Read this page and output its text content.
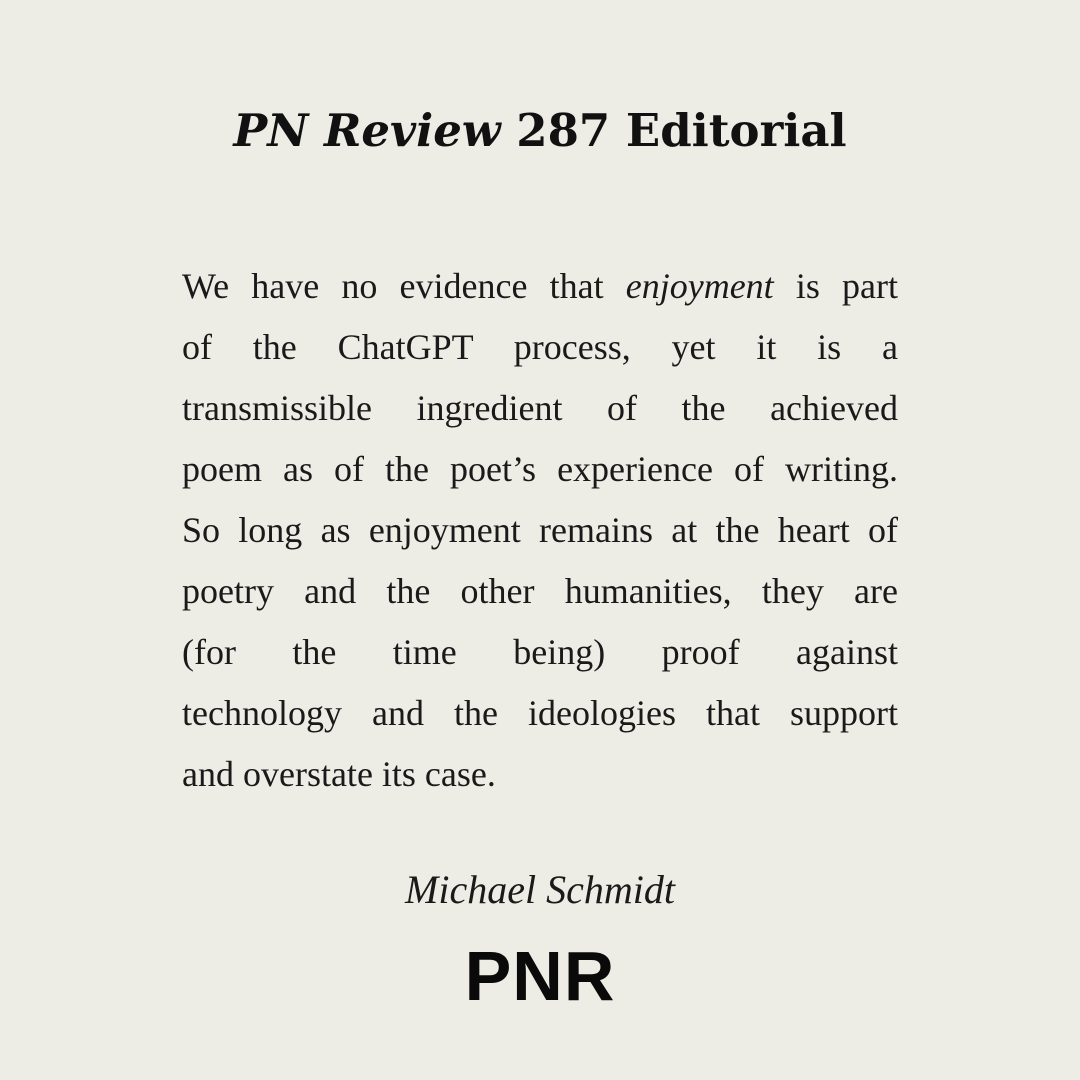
PN Review 287 Editorial
We have no evidence that enjoyment is part
of the ChatGPT process, yet it is a
transmissible ingredient of the achieved
poem as of the poet’s experience of writing.
So long as enjoyment remains at the heart of
poetry and the other humanities, they are
(for the time being) proof against
technology and the ideologies that support
and overstate its case.

Michael Schmidt

PNR
